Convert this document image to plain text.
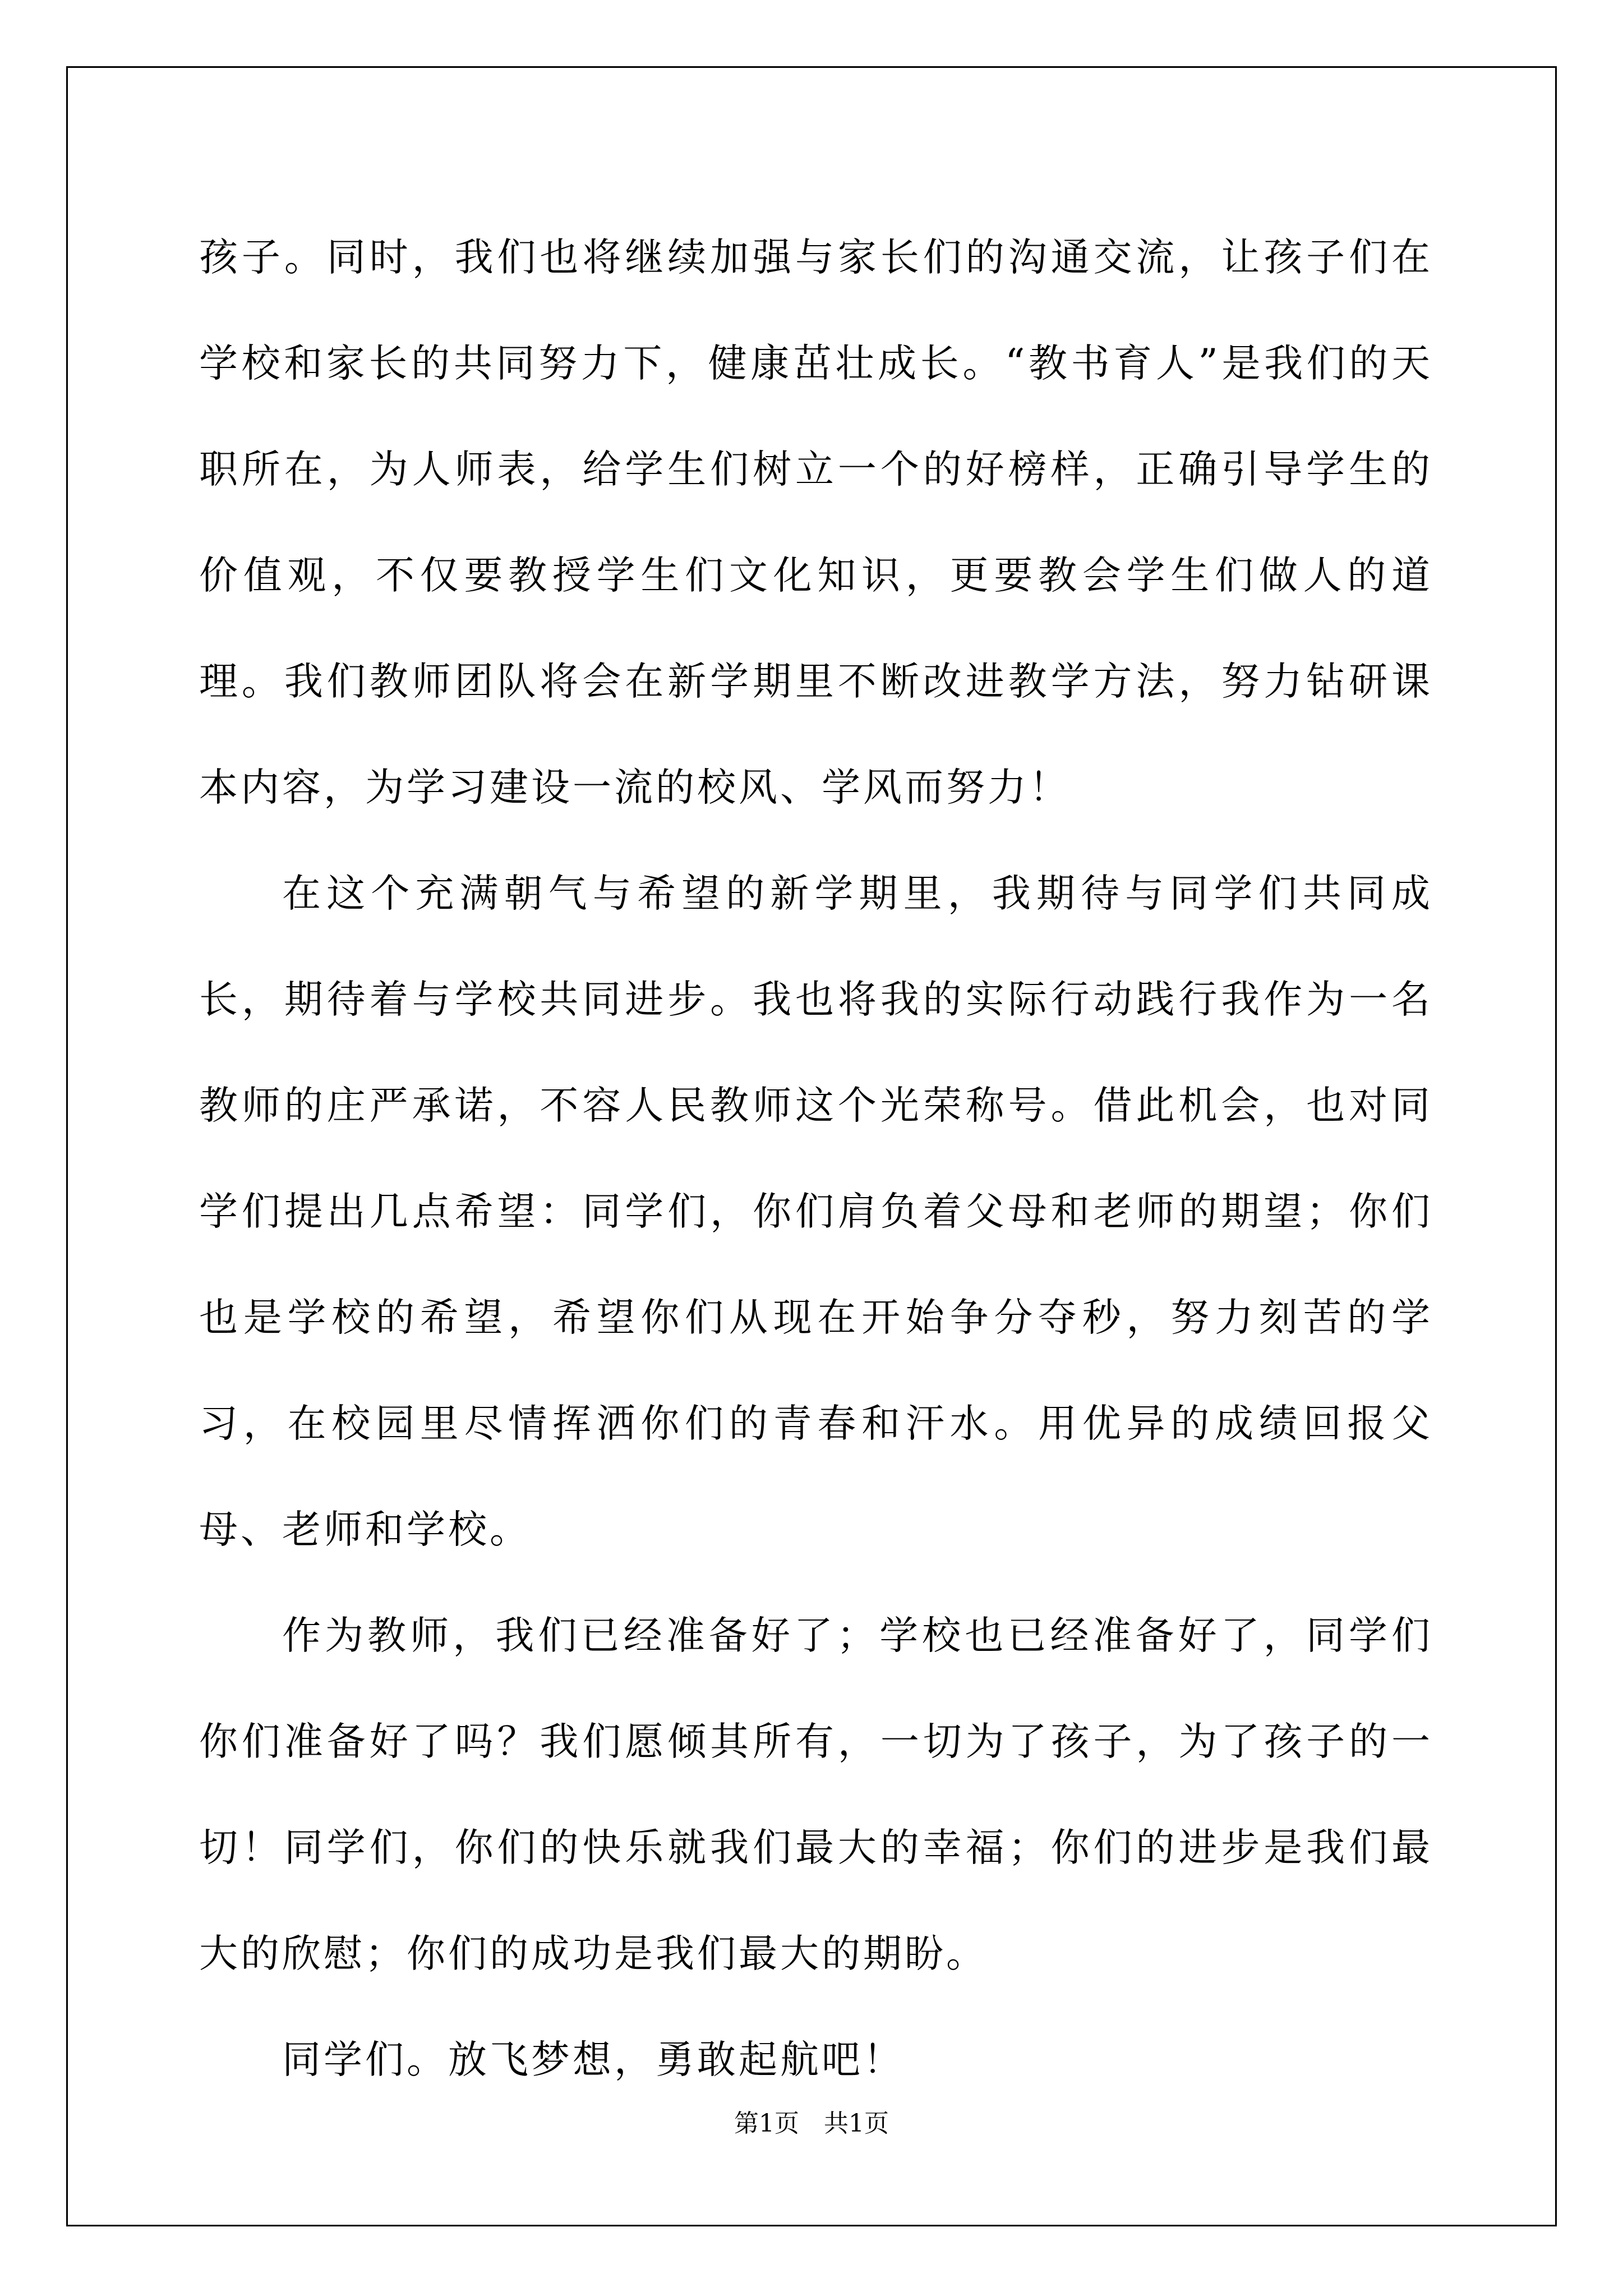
孩子。同时，我们也将继续加强与家长们的沟通交流，让孩子们在学校和家长的共同努力下，健康茁壮成长。“教书育人”是我们的天职所在，为人师表，给学生们树立一个的好榜样，正确引导学生的价值观，不仅要教授学生们文化知识，更要教会学生们做人的道理。我们教师团队将会在新学期里不断改进教学方法，努力钻研课本内容，为学习建设一流的校风、学风而努力！

在这个充满朝气与希望的新学期里，我期待与同学们共同成长，期待着与学校共同进步。我也将我的实际行动践行我作为一名教师的庄严承诺，不容人民教师这个光荣称号。借此机会，也对同学们提出几点希望：同学们，你们肩负着父母和老师的期望；你们也是学校的希望，希望你们从现在开始争分夺秒，努力刻苦的学习，在校园里尽情挥洒你们的青春和汗水。用优异的成绩回报父母、老师和学校。

作为教师，我们已经准备好了；学校也已经准备好了，同学们你们准备好了吗？我们愿倾其所有，一切为了孩子，为了孩子的一切！同学们，你们的快乐就我们最大的幸福；你们的进步是我们最大的欣慰；你们的成功是我们最大的期盼。

同学们。放飞梦想，勇敢起航吧！

第1页 共1页
